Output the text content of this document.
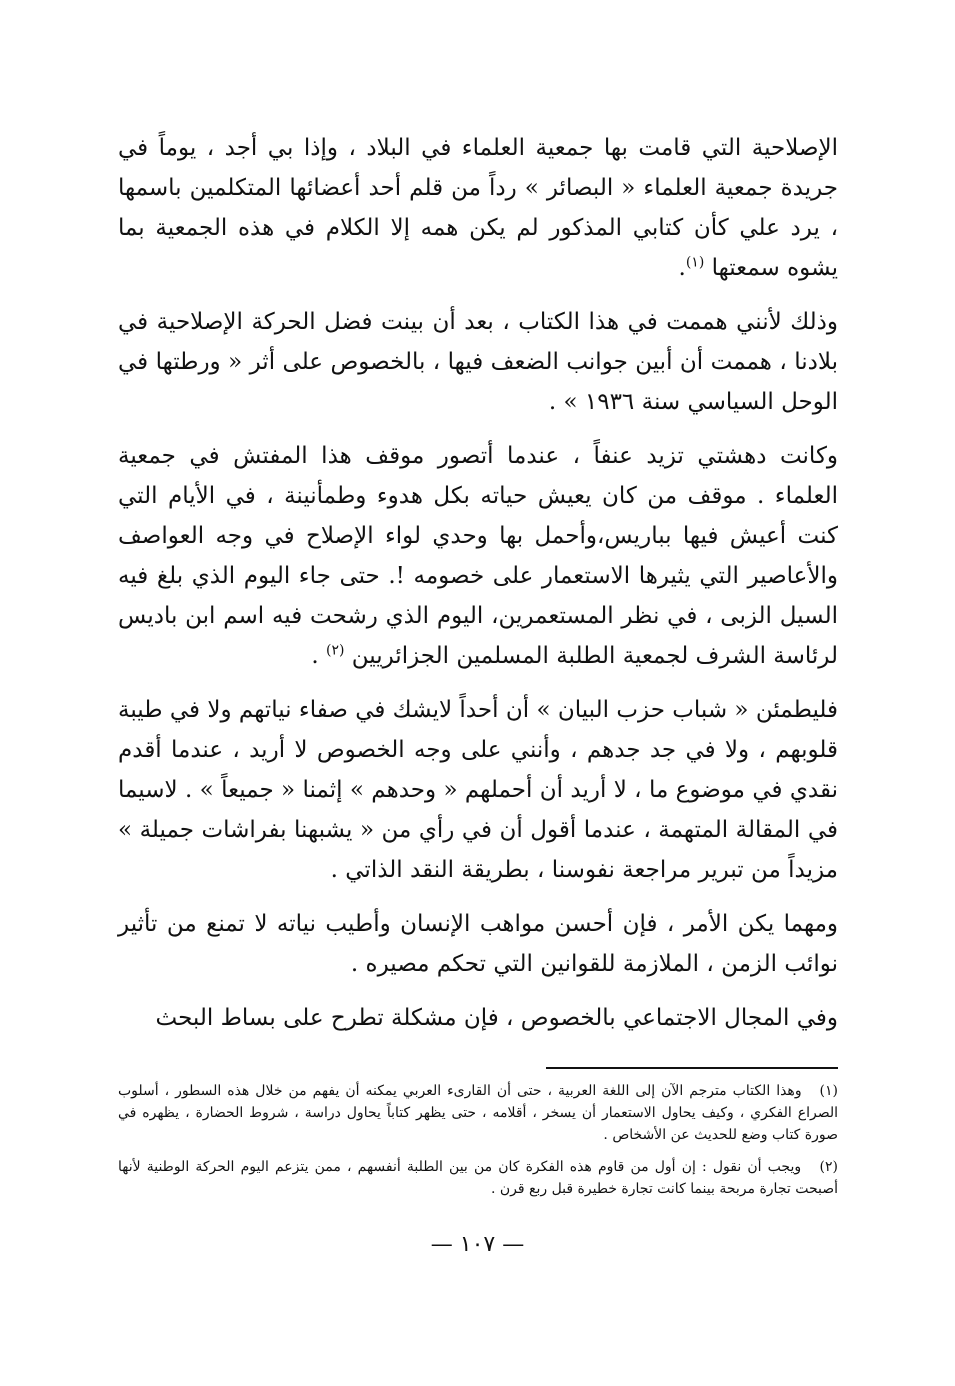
الإصلاحية التي قامت بها جمعية العلماء في البلاد ، وإذا بي أجد ، يوماً في جريدة جمعية العلماء « البصائر » رداً من قلم أحد أعضائها المتكلمين باسمها ، يرد علي كأن كتابي المذكور لم يكن همه إلا الكلام في هذه الجمعية بما يشوه سمعتها $^{(١)}$.

وذلك لأنني هممت في هذا الكتاب ، بعد أن بينت فضل الحركة الإصلاحية في بلادنا ، هممت أن أبين جوانب الضعف فيها ، بالخصوص على أثر « ورطتها في الوحل السياسي سنة ١٩٣٦ » .

وكانت دهشتي تزيد عنفاً ، عندما أتصور موقف هذا المفتش في جمعية العلماء . موقف من كان يعيش حياته بكل هدوء وطمأنينة ، في الأيام التي كنت أعيش فيها بباريس،وأحمل بها وحدي لواء الإصلاح في وجه العواصف والأعاصير التي يثيرها الاستعمار على خصومه !. حتى جاء اليوم الذي بلغ فيه السيل الزبى ، في نظر المستعمرين، اليوم الذي رشحت فيه اسم ابن باديس لرئاسة الشرف لجمعية الطلبة المسلمين الجزائريين $^{(٢)}$ .

فليطمئن « شباب حزب البيان » أن أحداً لايشك في صفاء نياتهم ولا في طيبة قلوبهم ، ولا في جد جدهم ، وأنني على وجه الخصوص لا أريد ، عندما أقدم نقدي في موضوع ما ، لا أريد أن أحملهم « وحدهم » إثمنا « جميعاً » . لاسيما في المقالة المتهمة ، عندما أقول أن في رأي من « يشبهنا بفراشات جميلة » مزيداً من تبرير مراجعة نفوسنا ، بطريقة النقد الذاتي .

ومهما يكن الأمر ، فإن أحسن مواهب الإنسان وأطيب نياته لا تمنع من تأثير نوائب الزمن ، الملازمة للقوانين التي تحكم مصيره .

وفي المجال الاجتماعي بالخصوص ، فإن مشكلة تطرح على بساط البحث

(١)   وهذا الكتاب مترجم الآن إلى اللغة العربية ، حتى أن القارىء العربي يمكنه أن يفهم من خلال هذه السطور ، أسلوب الصراع الفكري ، وكيف يحاول الاستعمار أن يسخر ، أقلامه ، حتى يظهر كتاباً يحاول دراسة ، شروط الحضارة ، يظهره في صورة كتاب وضع للحديث عن الأشخاص .

(٢)   ويجب أن نقول : إن أول من قاوم هذه الفكرة كان من بين الطلبة أنفسهم ، ممن يتزعم اليوم الحركة الوطنية لأنها أصبحت تجارة مربحة بينما كانت تجارة خطيرة قبل ربع قرن .

— ١٠٧ —
